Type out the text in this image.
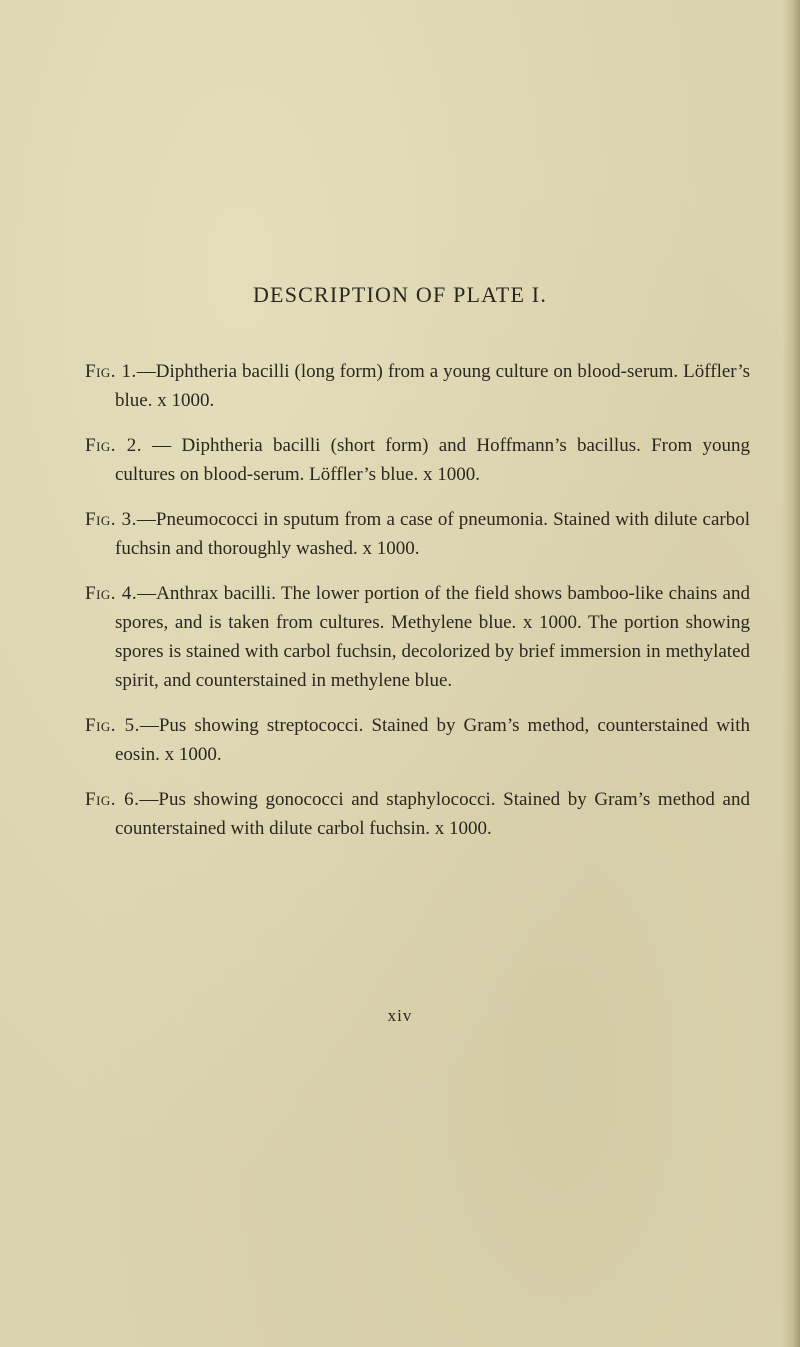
DESCRIPTION OF PLATE I.
Fig. 1.—Diphtheria bacilli (long form) from a young culture on blood-serum. Löffler’s blue. x 1000.
Fig. 2. — Diphtheria bacilli (short form) and Hoffmann’s bacillus. From young cultures on blood-serum. Löffler’s blue. x 1000.
Fig. 3.—Pneumococci in sputum from a case of pneumonia. Stained with dilute carbol fuchsin and thoroughly washed. x 1000.
Fig. 4.—Anthrax bacilli. The lower portion of the field shows bamboo-like chains and spores, and is taken from cultures. Methylene blue. x 1000. The portion showing spores is stained with carbol fuchsin, decolorized by brief immersion in methylated spirit, and counterstained in methylene blue.
Fig. 5.—Pus showing streptococci. Stained by Gram’s method, counterstained with eosin. x 1000.
Fig. 6.—Pus showing gonococci and staphylococci. Stained by Gram’s method and counterstained with dilute carbol fuchsin. x 1000.
xiv
